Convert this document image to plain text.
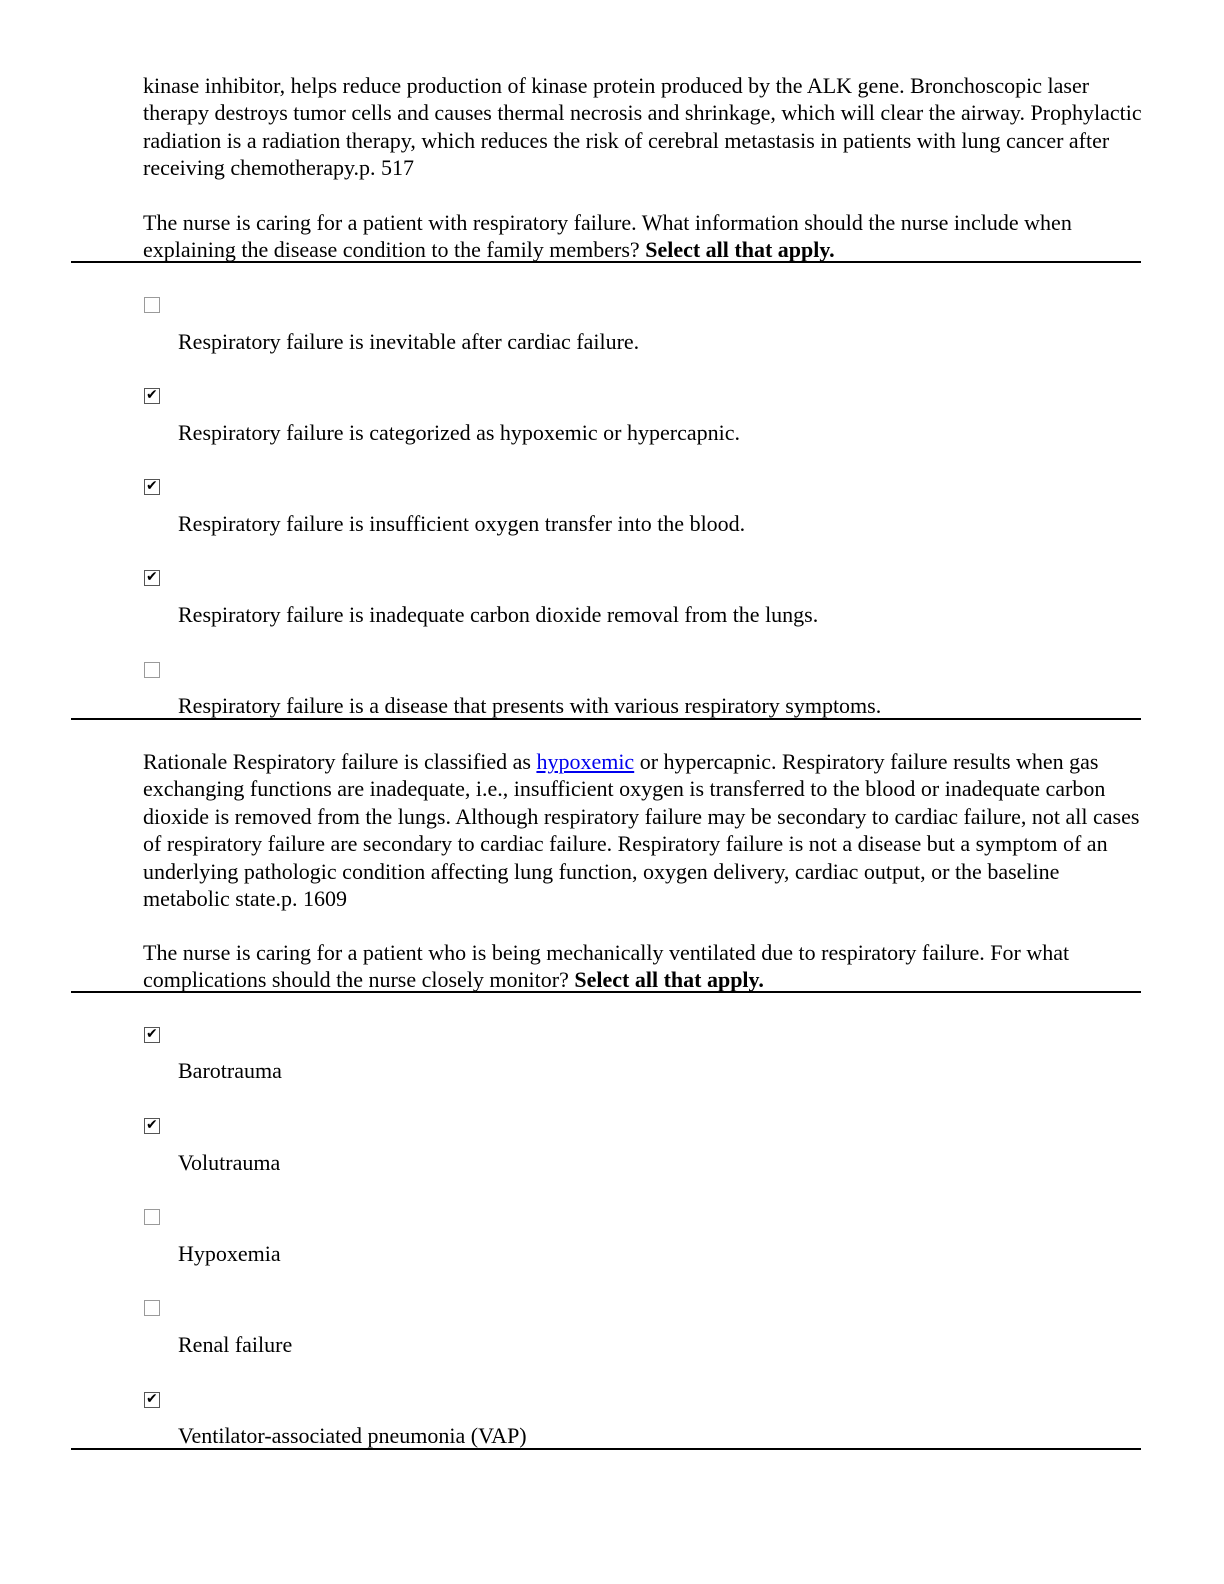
kinase inhibitor, helps reduce production of kinase protein produced by the ALK gene. Bronchoscopic laser therapy destroys tumor cells and causes thermal necrosis and shrinkage, which will clear the airway. Prophylactic radiation is a radiation therapy, which reduces the risk of cerebral metastasis in patients with lung cancer after receiving chemotherapy.p. 517

The nurse is caring for a patient with respiratory failure. What information should the nurse include when explaining the disease condition to the family members? Select all that apply.

Respiratory failure is inevitable after cardiac failure.
✔
Respiratory failure is categorized as hypoxemic or hypercapnic.
✔
Respiratory failure is insufficient oxygen transfer into the blood.
✔
Respiratory failure is inadequate carbon dioxide removal from the lungs.
Respiratory failure is a disease that presents with various respiratory symptoms.

Rationale Respiratory failure is classified as hypoxemic or hypercapnic. Respiratory failure results when gas exchanging functions are inadequate, i.e., insufficient oxygen is transferred to the blood or inadequate carbon dioxide is removed from the lungs. Although respiratory failure may be secondary to cardiac failure, not all cases of respiratory failure are secondary to cardiac failure. Respiratory failure is not a disease but a symptom of an underlying pathologic condition affecting lung function, oxygen delivery, cardiac output, or the baseline metabolic state.p. 1609

The nurse is caring for a patient who is being mechanically ventilated due to respiratory failure. For what complications should the nurse closely monitor? Select all that apply.

✔
Barotrauma
✔
Volutrauma
Hypoxemia
Renal failure
✔
Ventilator-associated pneumonia (VAP)
